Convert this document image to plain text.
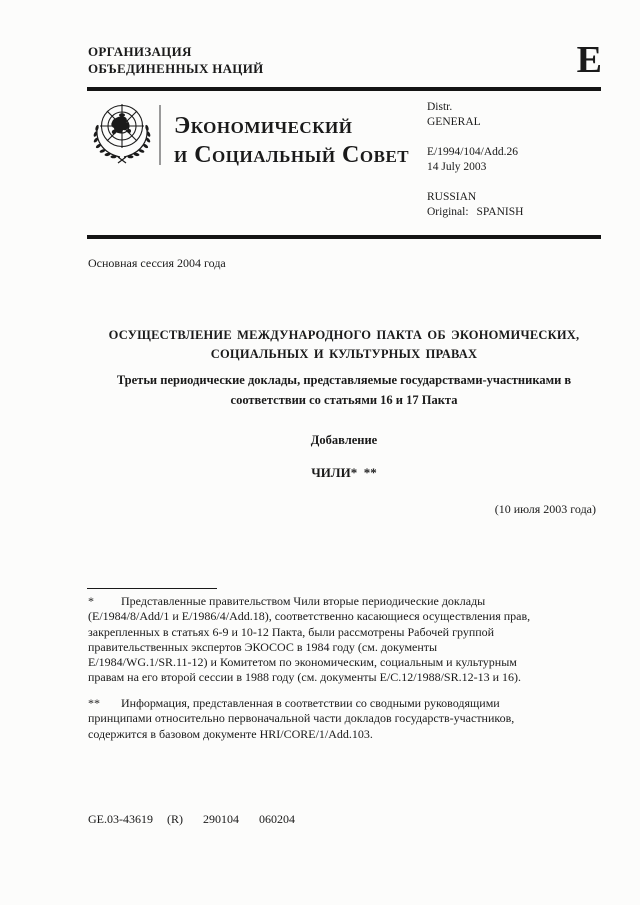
ОРГАНИЗАЦИЯ
ОБЪЕДИНЕННЫХ НАЦИЙ	E
Экономический
и Социальный Совет
Distr.
GENERAL
E/1994/104/Add.26
14 July 2003
RUSSIAN
Original: SPANISH
Основная сессия 2004 года
ОСУЩЕСТВЛЕНИЕ МЕЖДУНАРОДНОГО ПАКТА ОБ ЭКОНОМИЧЕСКИХ,
СОЦИАЛЬНЫХ И КУЛЬТУРНЫХ ПРАВАХ
Третьи периодические доклады, представляемые государствами-участниками в
соответствии со статьями 16 и 17 Пакта
Добавление
ЧИЛИ*  **
(10 июля 2003 года)
* Представленные правительством Чили вторые периодические доклады
(E/1984/8/Add/1 и E/1986/4/Add.18), соответственно касающиеся осуществления прав,
закрепленных в статьях 6-9 и 10-12 Пакта, были рассмотрены Рабочей группой
правительственных экспертов ЭКОСОС в 1984 году (см. документы
E/1984/WG.1/SR.11-12) и Комитетом по экономическим, социальным и культурным
правам на его второй сессии в 1988 году (см. документы E/C.12/1988/SR.12-13 и 16).
** Информация, представленная в соответствии со сводными руководящими
принципами относительно первоначальной части докладов государств-участников,
содержится в базовом документе HRI/CORE/1/Add.103.
GE.03-43619 (R) 290104 060204
